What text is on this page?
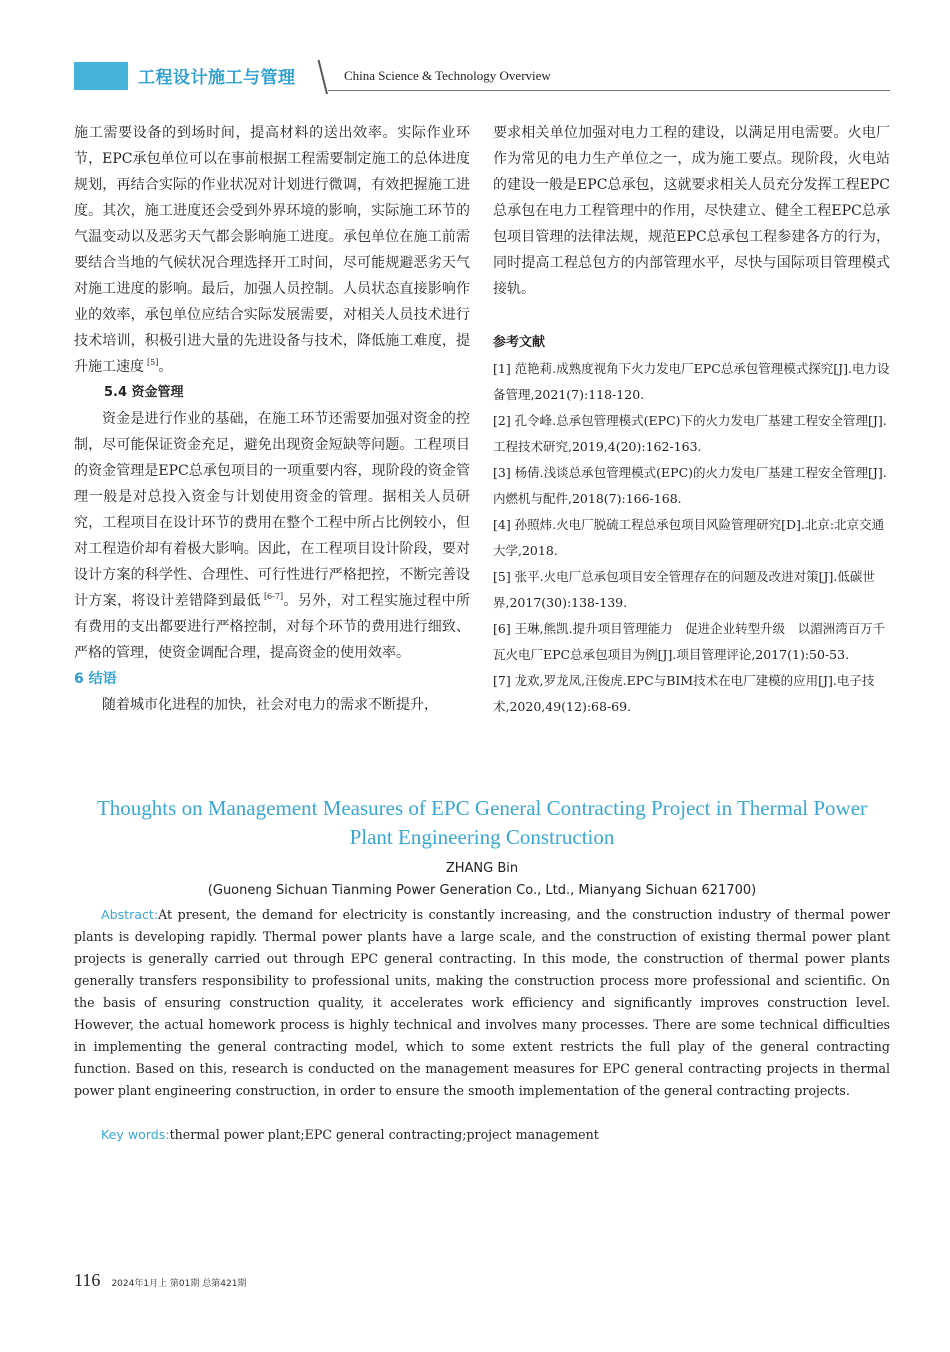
工程设计施工与管理	China Science & Technology Overview

施工需要设备的到场时间，提高材料的送出效率。实际作业环节，EPC承包单位可以在事前根据工程需要制定施工的总体进度规划，再结合实际的作业状况对计划进行微调，有效把握施工进度。其次，施工进度还会受到外界环境的影响，实际施工环节的气温变动以及恶劣天气都会影响施工进度。承包单位在施工前需要结合当地的气候状况合理选择开工时间，尽可能规避恶劣天气对施工进度的影响。最后，加强人员控制。人员状态直接影响作业的效率，承包单位应结合实际发展需要，对相关人员技术进行技术培训，积极引进大量的先进设备与技术，降低施工难度，提升施工速度 [5]。

5.4 资金管理

资金是进行作业的基础，在施工环节还需要加强对资金的控制，尽可能保证资金充足，避免出现资金短缺等问题。工程项目的资金管理是EPC总承包项目的一项重要内容，现阶段的资金管理一般是对总投入资金与计划使用资金的管理。据相关人员研究，工程项目在设计环节的费用在整个工程中所占比例较小，但对工程造价却有着极大影响。因此，在工程项目设计阶段，要对设计方案的科学性、合理性、可行性进行严格把控，不断完善设计方案，将设计差错降到最低 [6-7]。另外，对工程实施过程中所有费用的支出都要进行严格控制，对每个环节的费用进行细致、严格的管理，使资金调配合理，提高资金的使用效率。

6 结语

随着城市化进程的加快，社会对电力的需求不断提升，

要求相关单位加强对电力工程的建设，以满足用电需要。火电厂作为常见的电力生产单位之一，成为施工要点。现阶段，火电站的建设一般是EPC总承包，这就要求相关人员充分发挥工程EPC总承包在电力工程管理中的作用，尽快建立、健全工程EPC总承包项目管理的法律法规，规范EPC总承包工程参建各方的行为，同时提高工程总包方的内部管理水平，尽快与国际项目管理模式接轨。

参考文献

[1] 范艳莉.成熟度视角下火力发电厂EPC总承包管理模式探究[J].电力设备管理,2021(7):118-120.

[2] 孔令峰.总承包管理模式(EPC)下的火力发电厂基建工程安全管理[J].工程技术研究,2019,4(20):162-163.

[3] 杨倩.浅谈总承包管理模式(EPC)的火力发电厂基建工程安全管理[J].内燃机与配件,2018(7):166-168.

[4] 孙照炜.火电厂脱硫工程总承包项目风险管理研究[D].北京:北京交通大学,2018.

[5] 张平.火电厂总承包项目安全管理存在的问题及改进对策[J].低碳世界,2017(30):138-139.

[6] 王琳,熊凯.提升项目管理能力　促进企业转型升级　以湄洲湾百万千瓦火电厂EPC总承包项目为例[J].项目管理评论,2017(1):50-53.

[7] 龙欢,罗龙凤,汪俊虎.EPC与BIM技术在电厂建模的应用[J].电子技术,2020,49(12):68-69.

Thoughts on Management Measures of EPC General Contracting Project in Thermal Power Plant Engineering Construction
ZHANG Bin
(Guoneng Sichuan Tianming Power Generation Co., Ltd., Mianyang Sichuan 621700)

Abstract:At present, the demand for electricity is constantly increasing, and the construction industry of thermal power plants is developing rapidly. Thermal power plants have a large scale, and the construction of existing thermal power plant projects is generally carried out through EPC general contracting. In this mode, the construction of thermal power plants generally transfers responsibility to professional units, making the construction process more professional and scientific. On the basis of ensuring construction quality, it accelerates work efficiency and significantly improves construction level. However, the actual homework process is highly technical and involves many processes. There are some technical difficulties in implementing the general contracting model, which to some extent restricts the full play of the general contracting function. Based on this, research is conducted on the management measures for EPC general contracting projects in thermal power plant engineering construction, in order to ensure the smooth implementation of the general contracting projects.

Key words:thermal power plant;EPC general contracting;project management

116 2024年1月上 第01期 总第421期
